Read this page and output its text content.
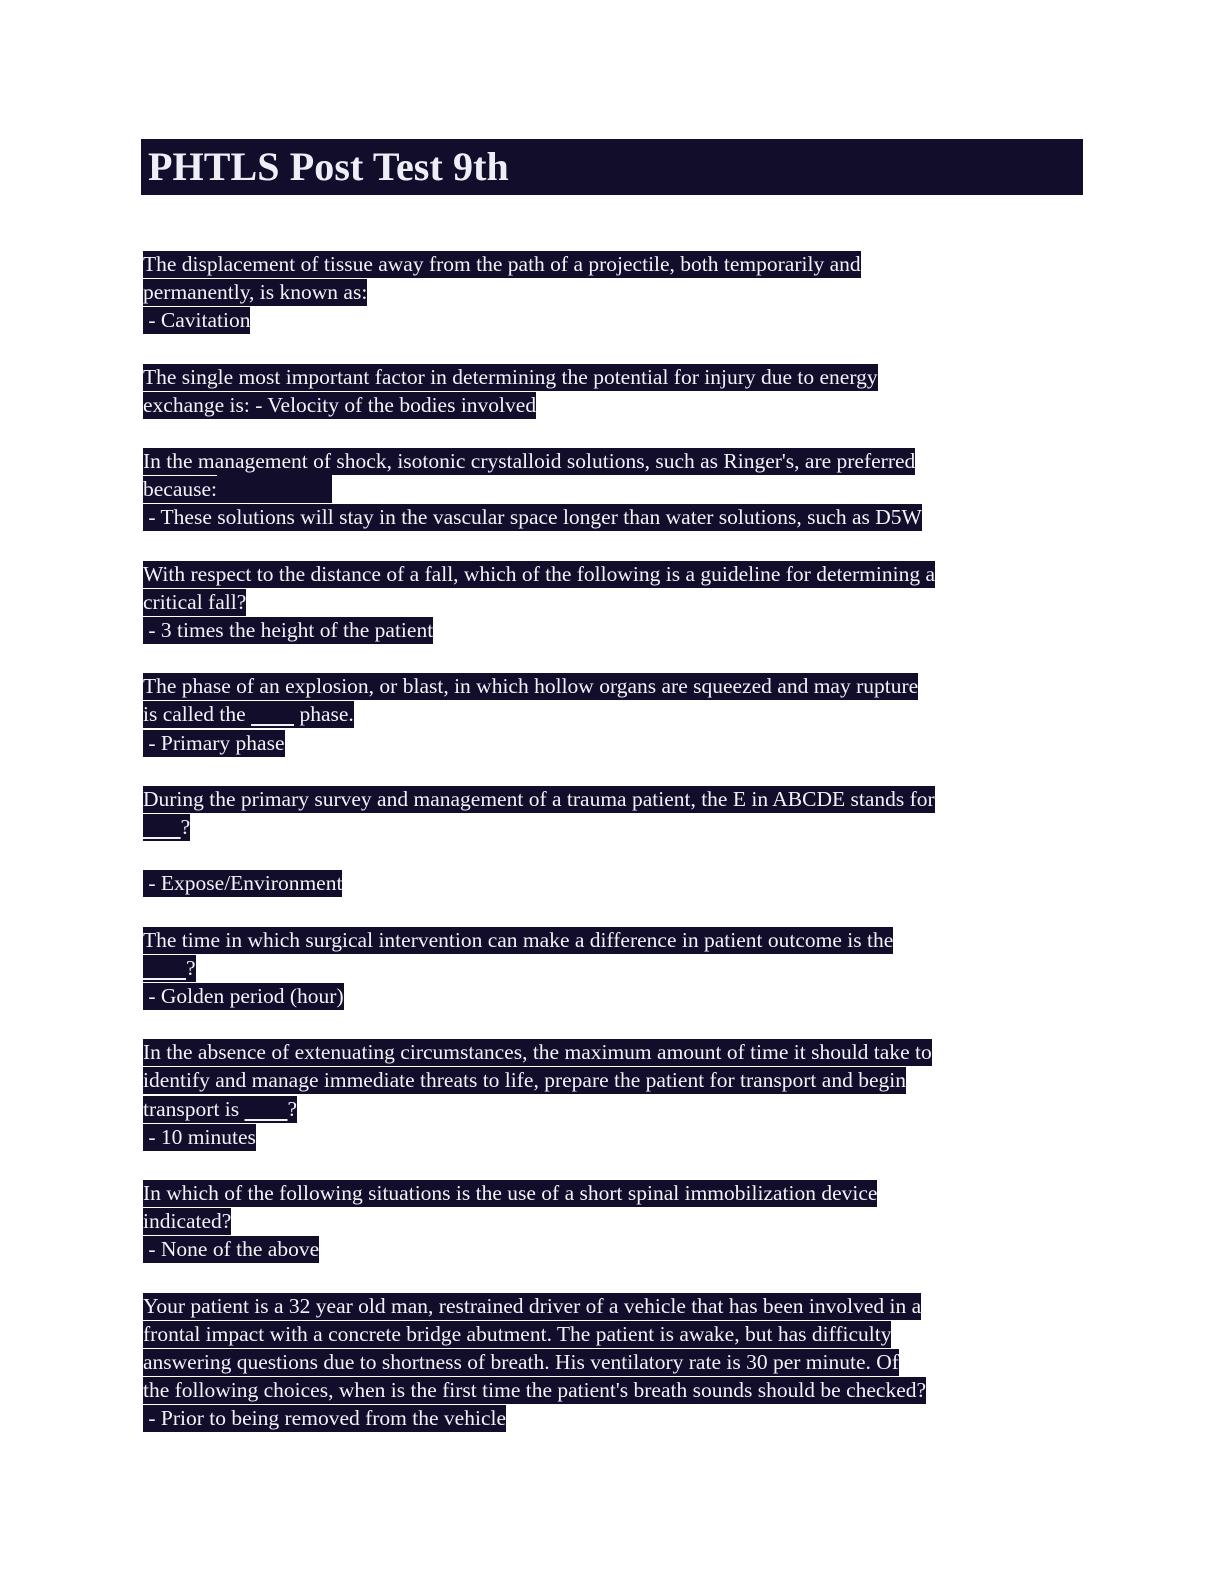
PHTLS Post Test 9th
The displacement of tissue away from the path of a projectile, both temporarily and
permanently, is known as:
- Cavitation
The single most important factor in determining the potential for injury due to energy
exchange is: - Velocity of the bodies involved
In the management of shock, isotonic crystalloid solutions, such as Ringer's, are preferred
because:
- These solutions will stay in the vascular space longer than water solutions, such as D5W
With respect to the distance of a fall, which of the following is a guideline for determining a
critical fall?
- 3 times the height of the patient
The phase of an explosion, or blast, in which hollow organs are squeezed and may rupture
is called the          phase.
- Primary phase
During the primary survey and management of a trauma patient, the E in ABCDE stands for
?
- Expose/Environment
The time in which surgical intervention can make a difference in patient outcome is the
?
- Golden period (hour)
In the absence of extenuating circumstances, the maximum amount of time it should take to
identify and manage immediate threats to life, prepare the patient for transport and begin
transport is         ?
- 10 minutes
In which of the following situations is the use of a short spinal immobilization device
indicated?
- None of the above
Your patient is a 32 year old man, restrained driver of a vehicle that has been involved in a
frontal impact with a concrete bridge abutment. The patient is awake, but has difficulty
answering questions due to shortness of breath. His ventilatory rate is 30 per minute. Of
the following choices, when is the first time the patient's breath sounds should be checked?
- Prior to being removed from the vehicle
